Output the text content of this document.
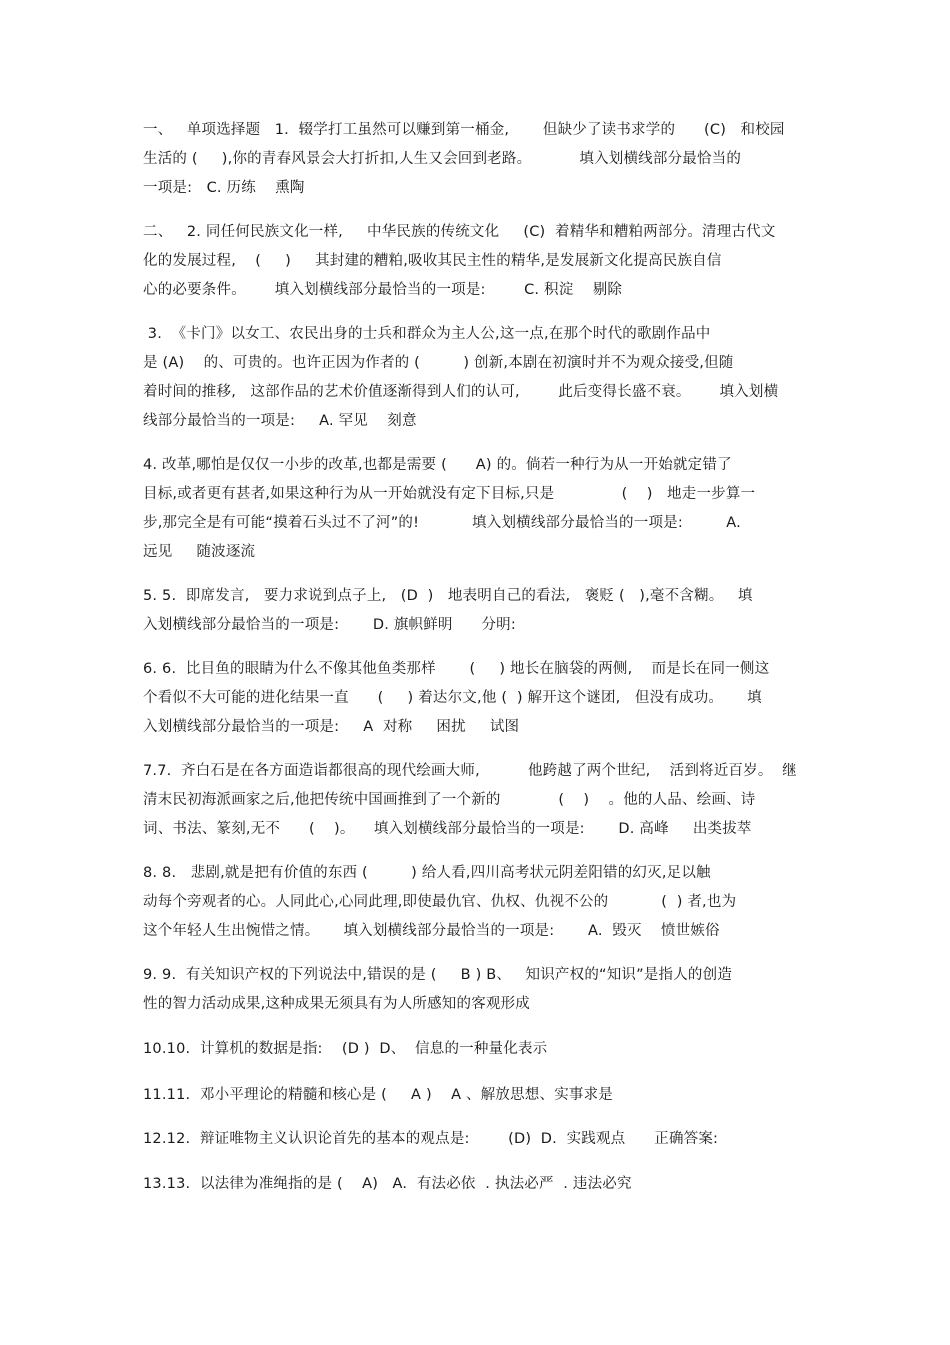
一、   单项选择题   1.  辍学打工虽然可以赚到第一桶金,       但缺少了读书求学的      (C)   和校园
生活的 (     ),你的青春风景会大打折扣,人生又会回到老路。          填入划横线部分最恰当的
一项是:   C. 历练    熏陶
二、   2. 同任何民族文化一样,     中华民族的传统文化     (C)  着精华和糟粕两部分。清理古代文
化的发展过程,    (     )     其封建的糟粕,吸收其民主性的精华,是发展新文化提高民族自信
心的必要条件。      填入划横线部分最恰当的一项是:        C. 积淀    剔除
3.  《卡门》以女工、农民出身的士兵和群众为主人公,这一点,在那个时代的歌剧作品中
是 (A)    的、可贵的。也许正因为作者的 (         ) 创新,本剧在初演时并不为观众接受,但随
着时间的推移,   这部作品的艺术价值逐渐得到人们的认可,        此后变得长盛不衰。      填入划横
线部分最恰当的一项是:     A. 罕见    刻意
4. 改革,哪怕是仅仅一小步的改革,也都是需要 (      A) 的。倘若一种行为从一开始就定错了
目标,或者更有甚者,如果这种行为从一开始就没有定下目标,只是              (    )   地走一步算一
步,那完全是有可能“摸着石头过不了河”的!           填入划横线部分最恰当的一项是:         A.
远见     随波逐流
5. 5.  即席发言,   要力求说到点子上,   (D  )   地表明自己的看法,   褒贬 (   ),毫不含糊。   填
入划横线部分最恰当的一项是:       D. 旗帜鲜明      分明:
6. 6.  比目鱼的眼睛为什么不像其他鱼类那样       (     ) 地长在脑袋的两侧,    而是长在同一侧这
个看似不大可能的进化结果一直      (     ) 着达尔文,他 (  ) 解开这个谜团,   但没有成功。     填
入划横线部分最恰当的一项是:     A  对称     困扰     试图
7.7.  齐白石是在各方面造诣都很高的现代绘画大师,          他跨越了两个世纪,    活到将近百岁。  继
清末民初海派画家之后,他把传统中国画推到了一个新的            (    )    。他的人品、绘画、诗
词、书法、篆刻,无不      (    )。    填入划横线部分最恰当的一项是:       D. 高峰     出类拔萃
8. 8.   悲剧,就是把有价值的东西 (         ) 给人看,四川高考状元阴差阳错的幻灭,足以触
动每个旁观者的心。人同此心,心同此理,即使最仇官、仇权、仇视不公的           (  ) 者,也为
这个年轻人生出惋惜之情。     填入划横线部分最恰当的一项是:       A.  毁灭    愤世嫉俗
9. 9.  有关知识产权的下列说法中,错误的是 (     B ) B、   知识产权的“知识”是指人的创造
性的智力活动成果,这种成果无须具有为人所感知的客观形成
10.10.  计算机的数据是指:    (D )  D、  信息的一种量化表示
11.11.  邓小平理论的精髓和核心是 (     A )    A 、解放思想、实事求是
12.12.  辩证唯物主义认识论首先的基本的观点是:        (D)  D.  实践观点      正确答案:
13.13.  以法律为准绳指的是 (    A)   A.  有法必依  . 执法必严  . 违法必究
